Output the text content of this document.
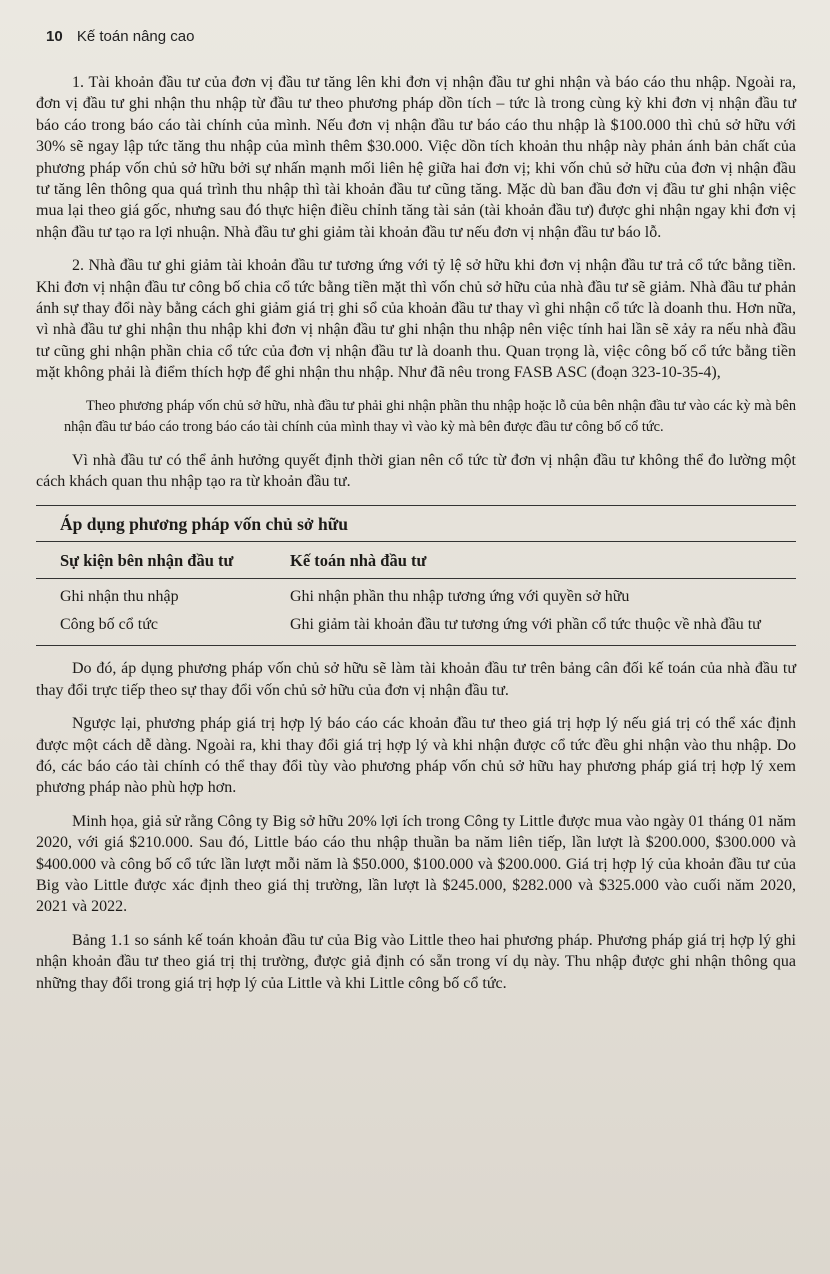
10 Kế toán nâng cao

1. Tài khoản đầu tư của đơn vị đầu tư tăng lên khi đơn vị nhận đầu tư ghi nhận và báo cáo thu nhập. Ngoài ra, đơn vị đầu tư ghi nhận thu nhập từ đầu tư theo phương pháp dồn tích – tức là trong cùng kỳ khi đơn vị nhận đầu tư báo cáo trong báo cáo tài chính của mình. Nếu đơn vị nhận đầu tư báo cáo thu nhập là $100.000 thì chủ sở hữu với 30% sẽ ngay lập tức tăng thu nhập của mình thêm $30.000. Việc dồn tích khoản thu nhập này phản ánh bản chất của phương pháp vốn chủ sở hữu bởi sự nhấn mạnh mối liên hệ giữa hai đơn vị; khi vốn chủ sở hữu của đơn vị nhận đầu tư tăng lên thông qua quá trình thu nhập thì tài khoản đầu tư cũng tăng. Mặc dù ban đầu đơn vị đầu tư ghi nhận việc mua lại theo giá gốc, nhưng sau đó thực hiện điều chỉnh tăng tài sản (tài khoản đầu tư) được ghi nhận ngay khi đơn vị nhận đầu tư tạo ra lợi nhuận. Nhà đầu tư ghi giảm tài khoản đầu tư nếu đơn vị nhận đầu tư báo lỗ.

2. Nhà đầu tư ghi giảm tài khoản đầu tư tương ứng với tỷ lệ sở hữu khi đơn vị nhận đầu tư trả cổ tức bằng tiền. Khi đơn vị nhận đầu tư công bố chia cổ tức bằng tiền mặt thì vốn chủ sở hữu của nhà đầu tư sẽ giảm. Nhà đầu tư phản ánh sự thay đổi này bằng cách ghi giảm giá trị ghi sổ của khoản đầu tư thay vì ghi nhận cổ tức là doanh thu. Hơn nữa, vì nhà đầu tư ghi nhận thu nhập khi đơn vị nhận đầu tư ghi nhận thu nhập nên việc tính hai lần sẽ xảy ra nếu nhà đầu tư cũng ghi nhận phần chia cổ tức của đơn vị nhận đầu tư là doanh thu. Quan trọng là, việc công bố cổ tức bằng tiền mặt không phải là điểm thích hợp để ghi nhận thu nhập. Như đã nêu trong FASB ASC (đoạn 323-10-35-4),

Theo phương pháp vốn chủ sở hữu, nhà đầu tư phải ghi nhận phần thu nhập hoặc lỗ của bên nhận đầu tư vào các kỳ mà bên nhận đầu tư báo cáo trong báo cáo tài chính của mình thay vì vào kỳ mà bên được đầu tư công bố cổ tức.

Vì nhà đầu tư có thể ảnh hưởng quyết định thời gian nên cổ tức từ đơn vị nhận đầu tư không thể đo lường một cách khách quan thu nhập tạo ra từ khoản đầu tư.

Áp dụng phương pháp vốn chủ sở hữu
Sự kiện bên nhận đầu tư	Kế toán nhà đầu tư
Ghi nhận thu nhập	Ghi nhận phần thu nhập tương ứng với quyền sở hữu
Công bố cổ tức	Ghi giảm tài khoản đầu tư tương ứng với phần cổ tức thuộc về nhà đầu tư

Do đó, áp dụng phương pháp vốn chủ sở hữu sẽ làm tài khoản đầu tư trên bảng cân đối kế toán của nhà đầu tư thay đổi trực tiếp theo sự thay đổi vốn chủ sở hữu của đơn vị nhận đầu tư.

Ngược lại, phương pháp giá trị hợp lý báo cáo các khoản đầu tư theo giá trị hợp lý nếu giá trị có thể xác định được một cách dễ dàng. Ngoài ra, khi thay đổi giá trị hợp lý và khi nhận được cổ tức đều ghi nhận vào thu nhập. Do đó, các báo cáo tài chính có thể thay đổi tùy vào phương pháp vốn chủ sở hữu hay phương pháp giá trị hợp lý xem phương pháp nào phù hợp hơn.

Minh họa, giả sử rằng Công ty Big sở hữu 20% lợi ích trong Công ty Little được mua vào ngày 01 tháng 01 năm 2020, với giá $210.000. Sau đó, Little báo cáo thu nhập thuần ba năm liên tiếp, lần lượt là $200.000, $300.000 và $400.000 và công bố cổ tức lần lượt mỗi năm là $50.000, $100.000 và $200.000. Giá trị hợp lý của khoản đầu tư của Big vào Little được xác định theo giá thị trường, lần lượt là $245.000, $282.000 và $325.000 vào cuối năm 2020, 2021 và 2022.

Bảng 1.1 so sánh kế toán khoản đầu tư của Big vào Little theo hai phương pháp. Phương pháp giá trị hợp lý ghi nhận khoản đầu tư theo giá trị thị trường, được giả định có sẵn trong ví dụ này. Thu nhập được ghi nhận thông qua những thay đổi trong giá trị hợp lý của Little và khi Little công bố cổ tức.
